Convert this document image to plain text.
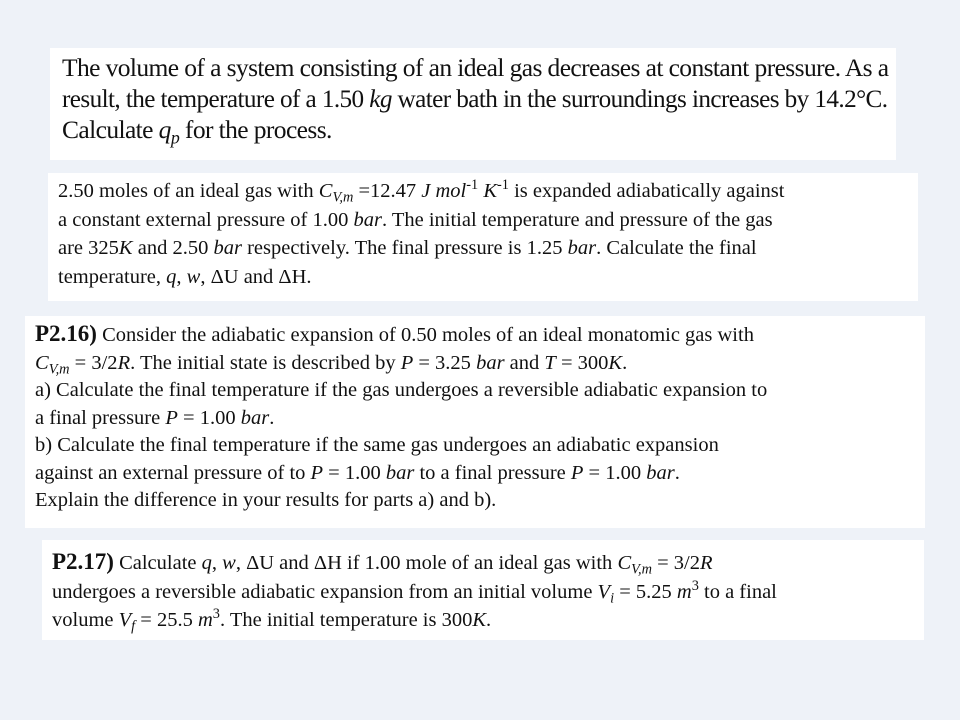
The volume of a system consisting of an ideal gas decreases at constant pressure. As a
result, the temperature of a 1.50 kg water bath in the surroundings increases by 14.2°C.
Calculate $q_p$ for the process.
2.50 moles of an ideal gas with $C_{V,m} =12.47$ J mol$^{-1}$ $K^{-1}$ is expanded adiabatically against
a constant external pressure of 1.00 bar. The initial temperature and pressure of the gas
are 325K and 2.50 bar respectively. The final pressure is 1.25 bar. Calculate the final
temperature, q, w, ΔU and ΔH.
P2.16) Consider the adiabatic expansion of 0.50 moles of an ideal monatomic gas with
$C_{V,m} = 3/2R$. The initial state is described by P = 3.25 bar and T = 300K.
a) Calculate the final temperature if the gas undergoes a reversible adiabatic expansion to
a final pressure P = 1.00 bar.
b) Calculate the final temperature if the same gas undergoes an adiabatic expansion
against an external pressure of to P = 1.00 bar to a final pressure P = 1.00 bar.
Explain the difference in your results for parts a) and b).
P2.17) Calculate q, w, ΔU and ΔH if 1.00 mole of an ideal gas with $C_{V,m} = 3/2R$
undergoes a reversible adiabatic expansion from an initial volume $V_i = 5.25$ $m^3$ to a final
volume $V_f = 25.5$ $m^3$. The initial temperature is 300K.
